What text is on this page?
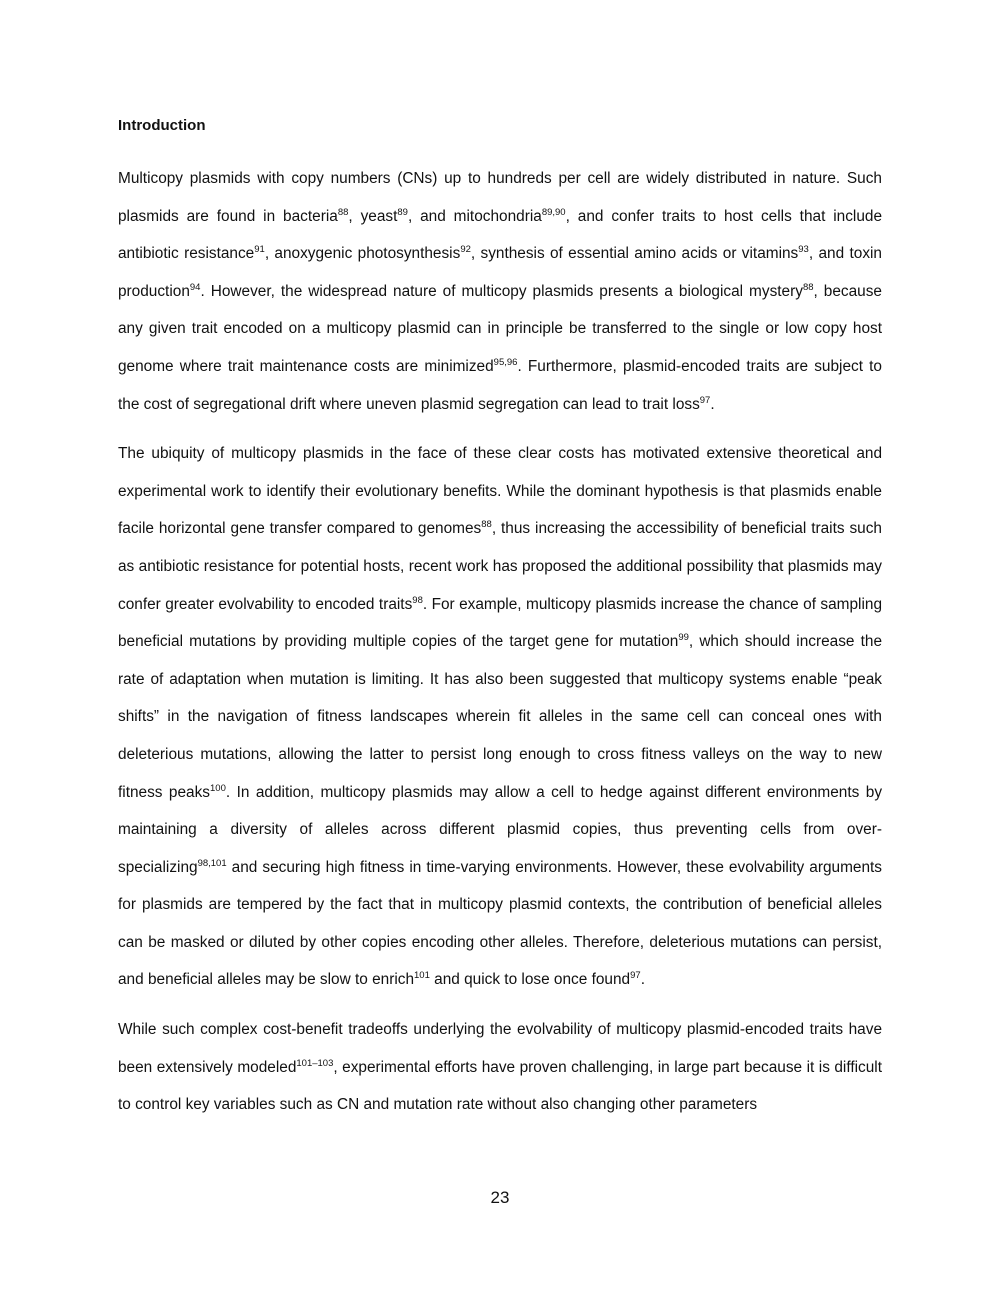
Introduction

Multicopy plasmids with copy numbers (CNs) up to hundreds per cell are widely distributed in nature. Such plasmids are found in bacteria$^{88}$, yeast$^{89}$, and mitochondria$^{89,90}$, and confer traits to host cells that include antibiotic resistance$^{91}$, anoxygenic photosynthesis$^{92}$, synthesis of essential amino acids or vitamins$^{93}$, and toxin production$^{94}$. However, the widespread nature of multicopy plasmids presents a biological mystery$^{88}$, because any given trait encoded on a multicopy plasmid can in principle be transferred to the single or low copy host genome where trait maintenance costs are minimized$^{95,96}$. Furthermore, plasmid-encoded traits are subject to the cost of segregational drift where uneven plasmid segregation can lead to trait loss$^{97}$.

The ubiquity of multicopy plasmids in the face of these clear costs has motivated extensive theoretical and experimental work to identify their evolutionary benefits. While the dominant hypothesis is that plasmids enable facile horizontal gene transfer compared to genomes$^{88}$, thus increasing the accessibility of beneficial traits such as antibiotic resistance for potential hosts, recent work has proposed the additional possibility that plasmids may confer greater evolvability to encoded traits$^{98}$. For example, multicopy plasmids increase the chance of sampling beneficial mutations by providing multiple copies of the target gene for mutation$^{99}$, which should increase the rate of adaptation when mutation is limiting. It has also been suggested that multicopy systems enable “peak shifts” in the navigation of fitness landscapes wherein fit alleles in the same cell can conceal ones with deleterious mutations, allowing the latter to persist long enough to cross fitness valleys on the way to new fitness peaks$^{100}$. In addition, multicopy plasmids may allow a cell to hedge against different environments by maintaining a diversity of alleles across different plasmid copies, thus preventing cells from over-specializing$^{98,101}$ and securing high fitness in time-varying environments. However, these evolvability arguments for plasmids are tempered by the fact that in multicopy plasmid contexts, the contribution of beneficial alleles can be masked or diluted by other copies encoding other alleles. Therefore, deleterious mutations can persist, and beneficial alleles may be slow to enrich$^{101}$ and quick to lose once found$^{97}$.

While such complex cost-benefit tradeoffs underlying the evolvability of multicopy plasmid-encoded traits have been extensively modeled$^{101-103}$, experimental efforts have proven challenging, in large part because it is difficult to control key variables such as CN and mutation rate without also changing other parameters

23
